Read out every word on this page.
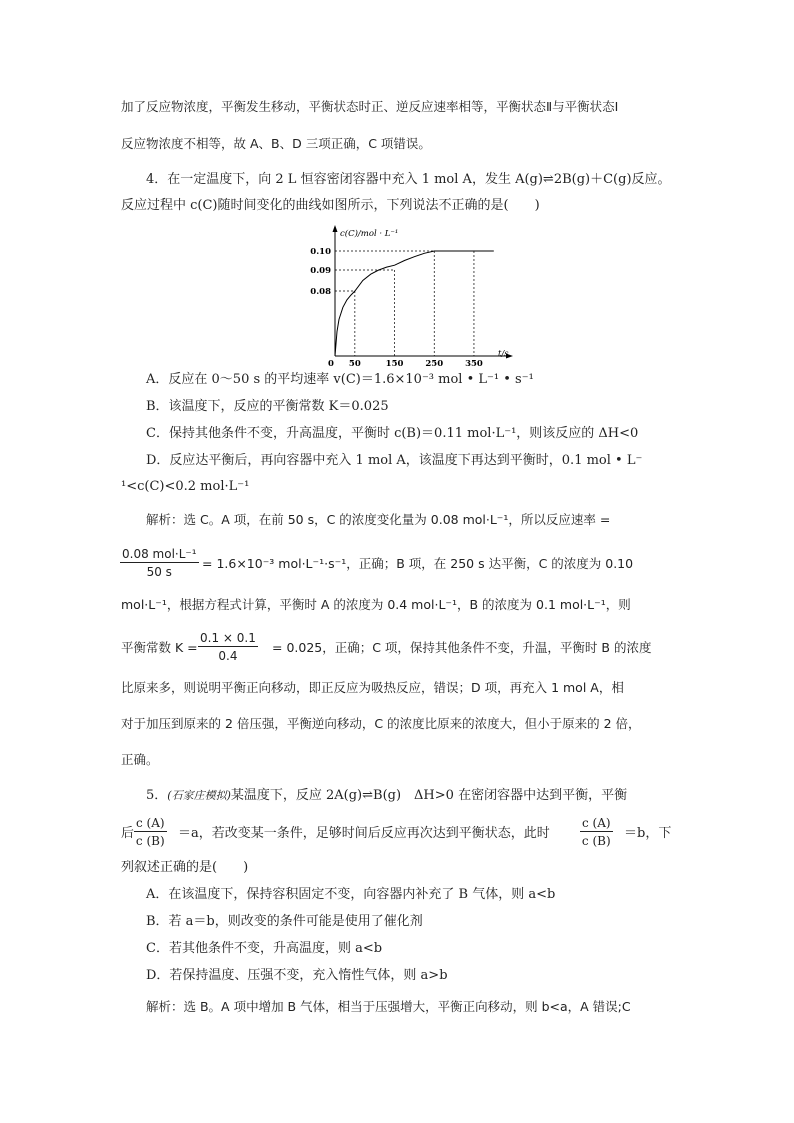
加了反应物浓度，平衡发生移动，平衡状态时正、逆反应速率相等，平衡状态Ⅱ与平衡状态Ⅰ
反应物浓度不相等，故 A、B、D 三项正确，C 项错误。
4．在一定温度下，向 2 L 恒容密闭容器中充入 1 mol A，发生 A(g)⇌2B(g)＋C(g)反应。
反应过程中 c(C)随时间变化的曲线如图所示，下列说法不正确的是(　　)
c(C)/mol · L⁻¹
t/s
0 50	150	250	350
0.08
0.09
0.10
A．反应在 0～50 s 的平均速率 v(C)＝1.6×10⁻³ mol • L⁻¹ • s⁻¹
B．该温度下，反应的平衡常数 K＝0.025
C．保持其他条件不变，升高温度，平衡时 c(B)＝0.11 mol·L⁻¹，则该反应的 ΔH<0
D．反应达平衡后，再向容器中充入 1 mol A，该温度下再达到平衡时，0.1 mol • L⁻
¹<c(C)<0.2 mol·L⁻¹
解析：选 C。A 项，在前 50 s，C 的浓度变化量为 0.08 mol·L⁻¹，所以反应速率 =
0.08 mol·L⁻¹
50 s
= 1.6×10⁻³ mol·L⁻¹·s⁻¹，正确；B 项，在 250 s 达平衡，C 的浓度为 0.10
mol·L⁻¹，根据方程式计算，平衡时 A 的浓度为 0.4 mol·L⁻¹，B 的浓度为 0.1 mol·L⁻¹，则
平衡常数 $K = \frac{0.1 \times 0.1}{0.4} = 0.025$，正确；C 项，保持其他条件不变，升温，平衡时 B 的浓度
比原来多，则说明平衡正向移动，即正反应为吸热反应，错误；D 项，再充入 1 mol A，相
对于加压到原来的 2 倍压强，平衡逆向移动，C 的浓度比原来的浓度大，但小于原来的 2 倍，
正确。
5．(石家庄模拟)某温度下，反应 2A(g)⇌B(g)　ΔH>0 在密闭容器中达到平衡，平衡
后 $\frac{c (A)}{c (B)} =a$，若改变某一条件，足够时间后反应再次达到平衡状态，此时	$\frac{c (A)}{c (B)} =b$，下
列叙述正确的是(　　)
A．在该温度下，保持容积固定不变，向容器内补充了 B 气体，则 a<b
B．若 a＝b，则改变的条件可能是使用了催化剂
C．若其他条件不变，升高温度，则 a<b
D．若保持温度、压强不变，充入惰性气体，则 a>b
解析：选 B。A 项中增加 B 气体，相当于压强增大，平衡正向移动，则 b<a，A 错误;C
